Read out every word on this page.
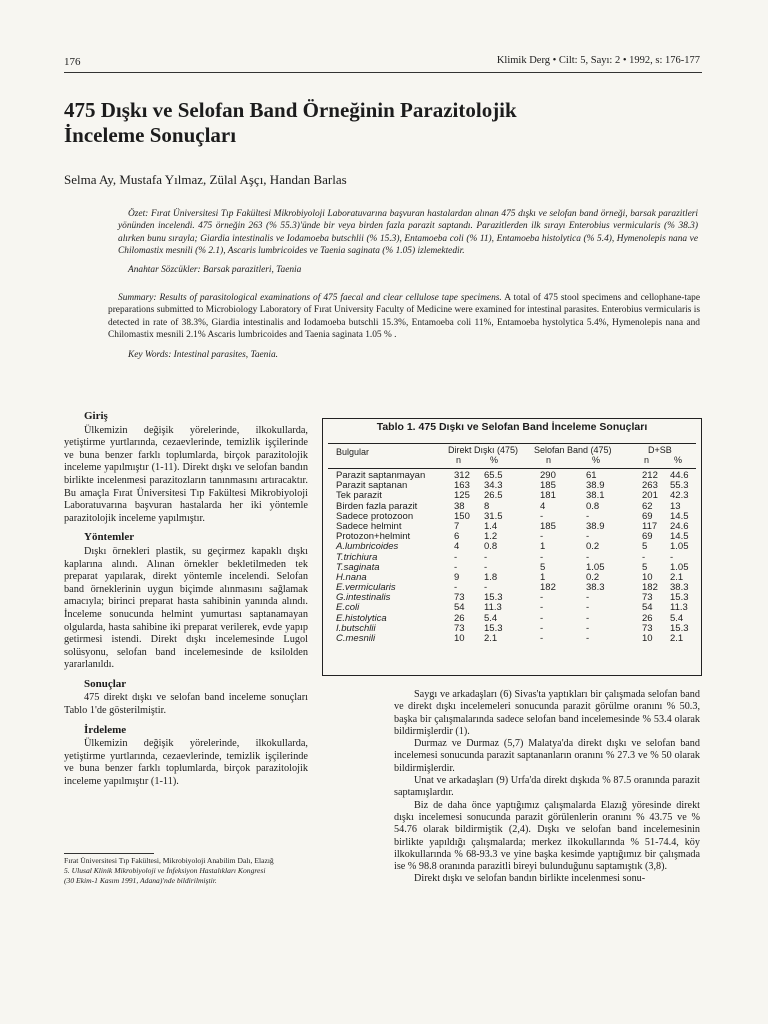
176	Klimik Derg • Cilt: 5, Sayı: 2 • 1992, s: 176-177
475 Dışkı ve Selofan Band Örneğinin Parazitolojik
İnceleme Sonuçları
Selma Ay, Mustafa Yılmaz, Zülal Aşçı, Handan Barlas

Özet: Fırat Üniversitesi Tıp Fakültesi Mikrobiyoloji Laboratuvarına başvuran hastalardan alınan 475 dışkı ve selofan band örneği, barsak parazitleri yönünden incelendi. 475 örneğin 263 (% 55.3)'ünde bir veya birden fazla parazit saptandı. Parazitlerden ilk sırayı Enterobius vermicularis (% 38.3) alırken bunu sırayla; Giardia intestinalis ve Iodamoeba butschlii (% 15.3), Entamoeba coli (% 11), Entamoeba histolytica (% 5.4), Hymenolepis nana ve Chilomastix mesnili (% 2.1), Ascaris lumbricoides ve Taenia saginata (% 1.05) izlemektedir.

Anahtar Sözcükler: Barsak parazitleri, Taenia
Summary: Results of parasitological examinations of 475 faecal and clear cellulose tape specimens. A total of 475 stool specimens and cellophane-tape preparations submitted to Microbiology Laboratory of Fırat University Faculty of Medicine were examined for intestinal parasites. Enterobius vermicularis is detected in rate of 38.3%, Giardia intestinalis and Iodamoeba butschli 15.3%, Entamoeba coli 11%, Entamoeba hystolytica 5.4%, Hymenolepis nana and Chilomastix mesnili 2.1% Ascaris lumbricoides and Taenia saginata 1.05 % .
Key Words: Intestinal parasites, Taenia.
Giriş

Ülkemizin değişik yörelerinde, ilkokullarda, yetiştirme yurtlarında, cezaevlerinde, temizlik işçilerinde ve buna benzer farklı toplumlarda, birçok parazitolojik inceleme yapılmıştır (1-11). Direkt dışkı ve selofan bandın birlikte incelenmesi parazitozların tanınmasını artıracaktır. Bu amaçla Fırat Üniversitesi Tıp Fakültesi Mikrobiyoloji Laboratuvarına başvuran hastalarda her iki yöntemle parazitolojik inceleme yapılmıştır.

Yöntemler

Dışkı örnekleri plastik, su geçirmez kapaklı dışkı kaplarına alındı. Alınan örnekler bekletilmeden tek preparat yapılarak, direkt yöntemle incelendi. Selofan band örneklerinin uygun biçimde alınmasını sağlamak amacıyla; birinci preparat hasta sahibinin yanında alındı. İnceleme sonucunda helmint yumurtası saptanamayan olgularda, hasta sahibine iki preparat verilerek, evde yapıp getirmesi istendi. Direkt dışkı incelemesinde Lugol solüsyonu, selofan band incelemesinde de ksilolden yararlanıldı.

Sonuçlar

475 direkt dışkı ve selofan band inceleme sonuçları Tablo 1'de gösterilmiştir.

İrdeleme

Ülkemizin değişik yörelerinde, ilkokullarda, yetiştirme yurtlarında, cezaevlerinde, temizlik işçilerinde ve buna benzer farklı toplumlarda, birçok parazitolojik inceleme yapılmıştır (1-11).

Tablo 1. 475 Dışkı ve Selofan Band İnceleme Sonuçları
Bulgular	Direkt Dışkı (475) Selofan Band (475)	D+SB
n	%	n	%	n	%
Parazit saptanmayan	312 65.5	290	61	212 44.6
Parazit saptanan	163 34.3	185	38.9	263 55.3
Tek parazit	125 26.5	181	38.1	201 42.3
Birden fazla parazit	38 8	4	0.8	62 13
Sadece protozoon	150 31.5	-	-	69 14.5
Sadece helmint	7	1.4	185	38.9	117 24.6
Protozon+helmint	6	1.2	-	-	69 14.5
A.lumbricoides	4	0.8	1	0.2	5 1.05
T.trichiura	-	-	-	-	-	-
T.saginata	-	-	5	1.05	5 1.05
H.nana	9	1.8	1	0.2	10 2.1
E.vermicularis	-	-	182	38.3	182 38.3
G.intestinalis	73 15.3	-	-	73 15.3
E.coli	54 11.3	-	-	54 11.3
E.histolytica	26 5.4	-	-	26 5.4
I.butschlii	73 15.3	-	-	73 15.3
C.mesnili	10 2.1	-	-	10 2.1

Saygı ve arkadaşları (6) Sivas'ta yaptıkları bir çalışmada selofan band ve direkt dışkı incelemeleri sonucunda parazit görülme oranını % 50.3, başka bir çalışmalarında sadece selofan band incelemesinde % 53.4 olarak bildirmişlerdir (1).

Durmaz ve Durmaz (5,7) Malatya'da direkt dışkı ve selofan band incelemesi sonucunda parazit saptananların oranını % 27.3 ve % 50 olarak bildirmişlerdir.

Unat ve arkadaşları (9) Urfa'da direkt dışkıda % 87.5 oranında parazit saptamışlardır.

Biz de daha önce yaptığımız çalışmalarda Elazığ yöresinde direkt dışkı incelemesi sonucunda parazit görülenlerin oranını % 43.75 ve % 54.76 olarak bildirmiştik (2,4). Dışkı ve selofan band incelemesinin birlikte yapıldığı çalışmalarda; merkez ilkokullarında % 51-74.4, köy ilkokullarında % 68-93.3 ve yine başka kesimde yaptığımız bir çalışmada ise % 98.8 oranında parazitli bireyi bulunduğunu saptamıştık (3,8).

Direkt dışkı ve selofan bandın birlikte incelenmesi sonu-

Fırat Üniversitesi Tıp Fakültesi, Mikrobiyoloji Anabilim Dalı, Elazığ
5. Ulusal Klinik Mikrobiyoloji ve İnfeksiyon Hastalıkları Kongresi
(30 Ekim-1 Kasım 1991, Adana)'nde bildirilmiştir.
